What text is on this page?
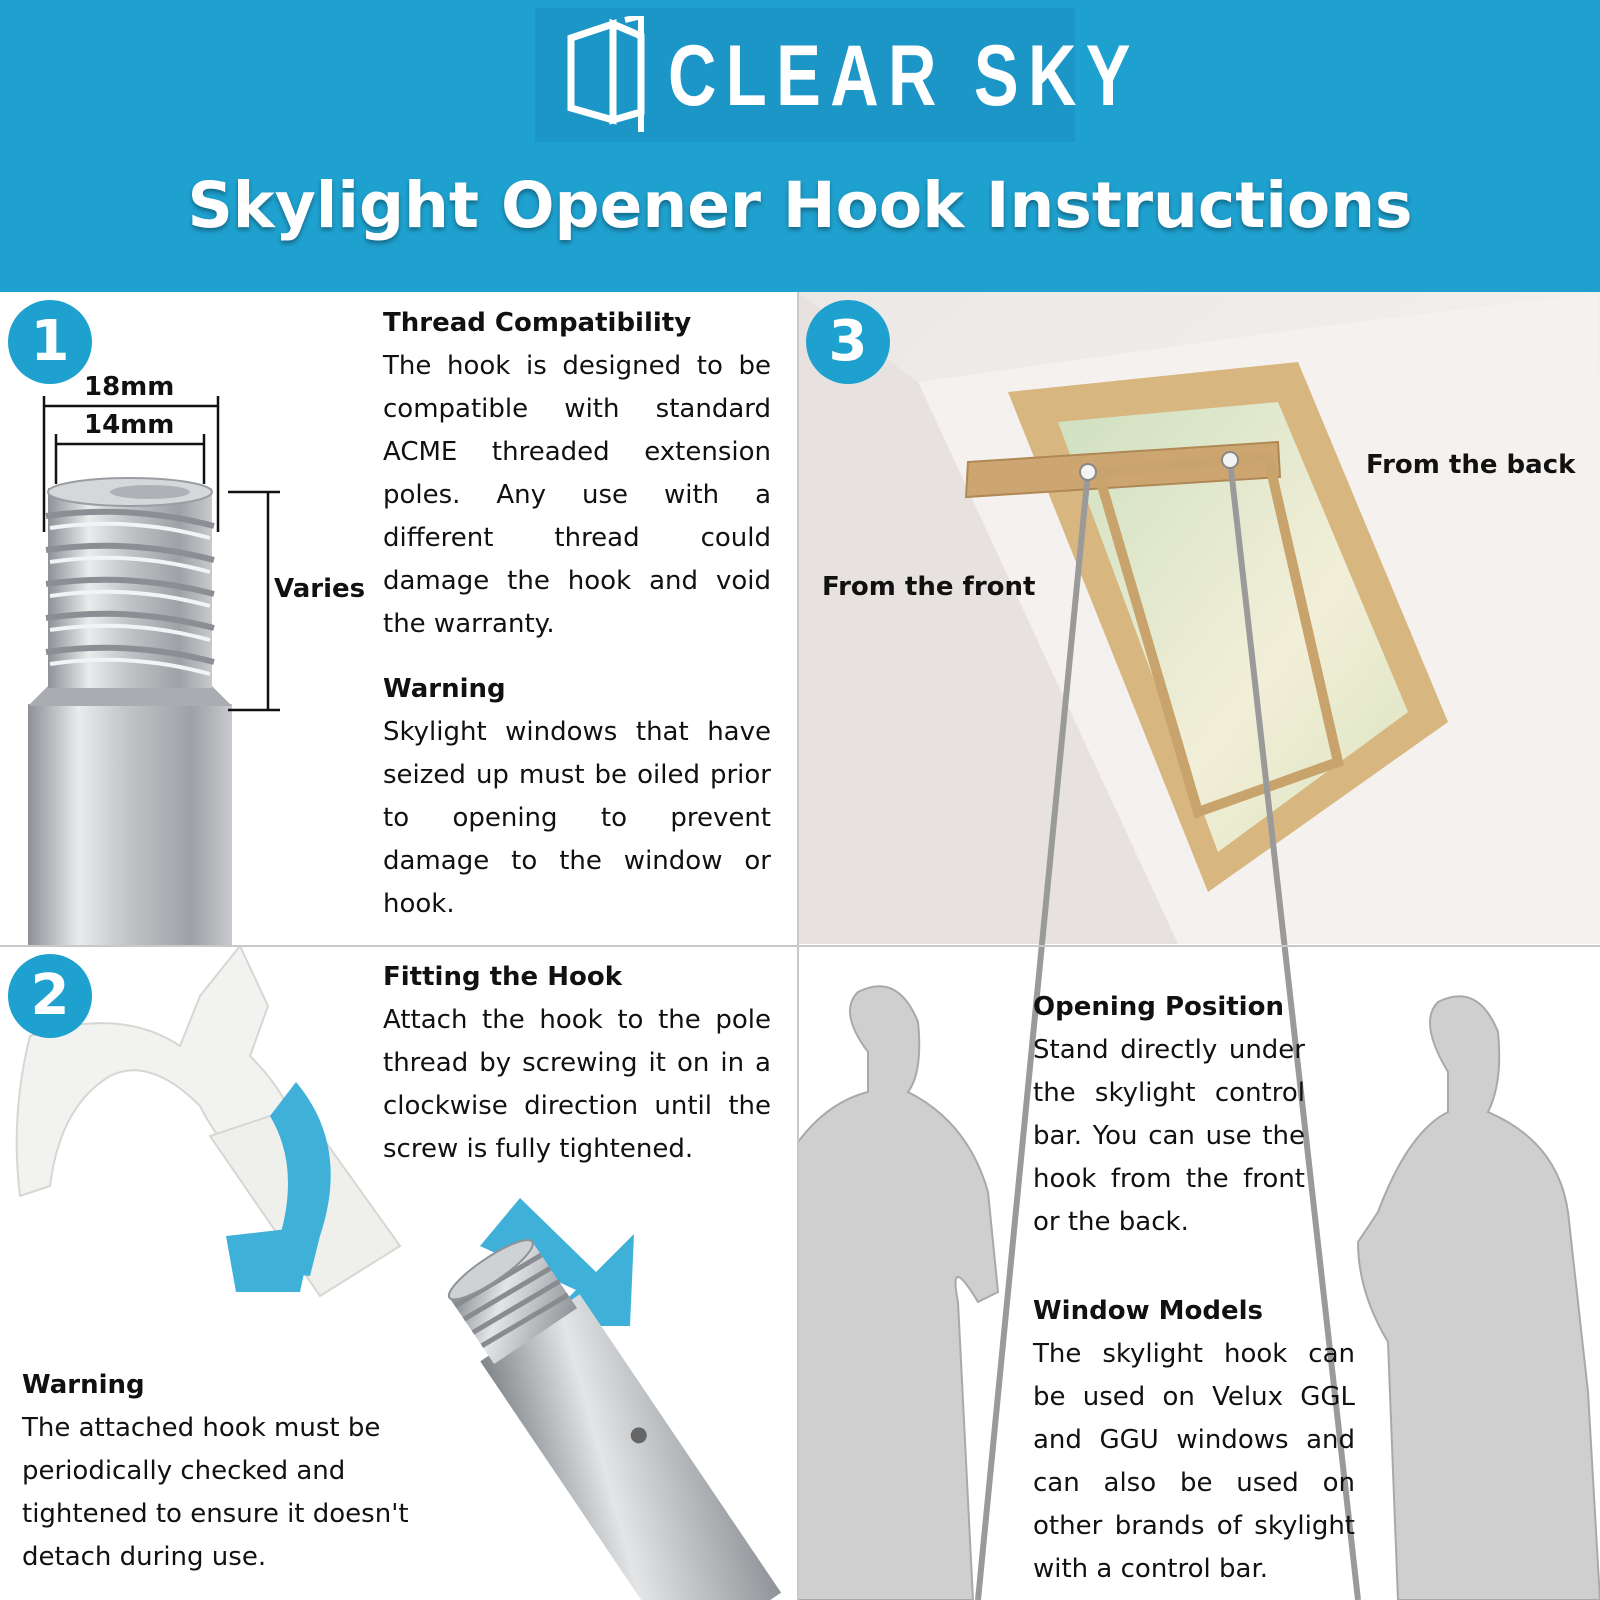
CLEAR SKY
Skylight Opener Hook Instructions
1
18mm
14mm
Varies
Thread Compatibility
The hook is designed to be compatible with standard ACME threaded extension poles. Any use with a different thread could damage the hook and void the warranty.
Warning
Skylight windows that have seized up must be oiled prior to opening to prevent damage to the window or hook.
2	Fitting the Hook
Attach the hook to the pole thread by screwing it on in a clockwise direction until the screw is fully tightened.
Warning
The attached hook must be periodically checked and tightened to ensure it doesn't detach during use.
3
From the front
From the back
Opening Position
Stand directly under the skylight control bar. You can use the hook from the front or the back.
Window Models
The skylight hook can be used on Velux GGL and GGU windows and can also be used on other brands of skylight with a control bar.
